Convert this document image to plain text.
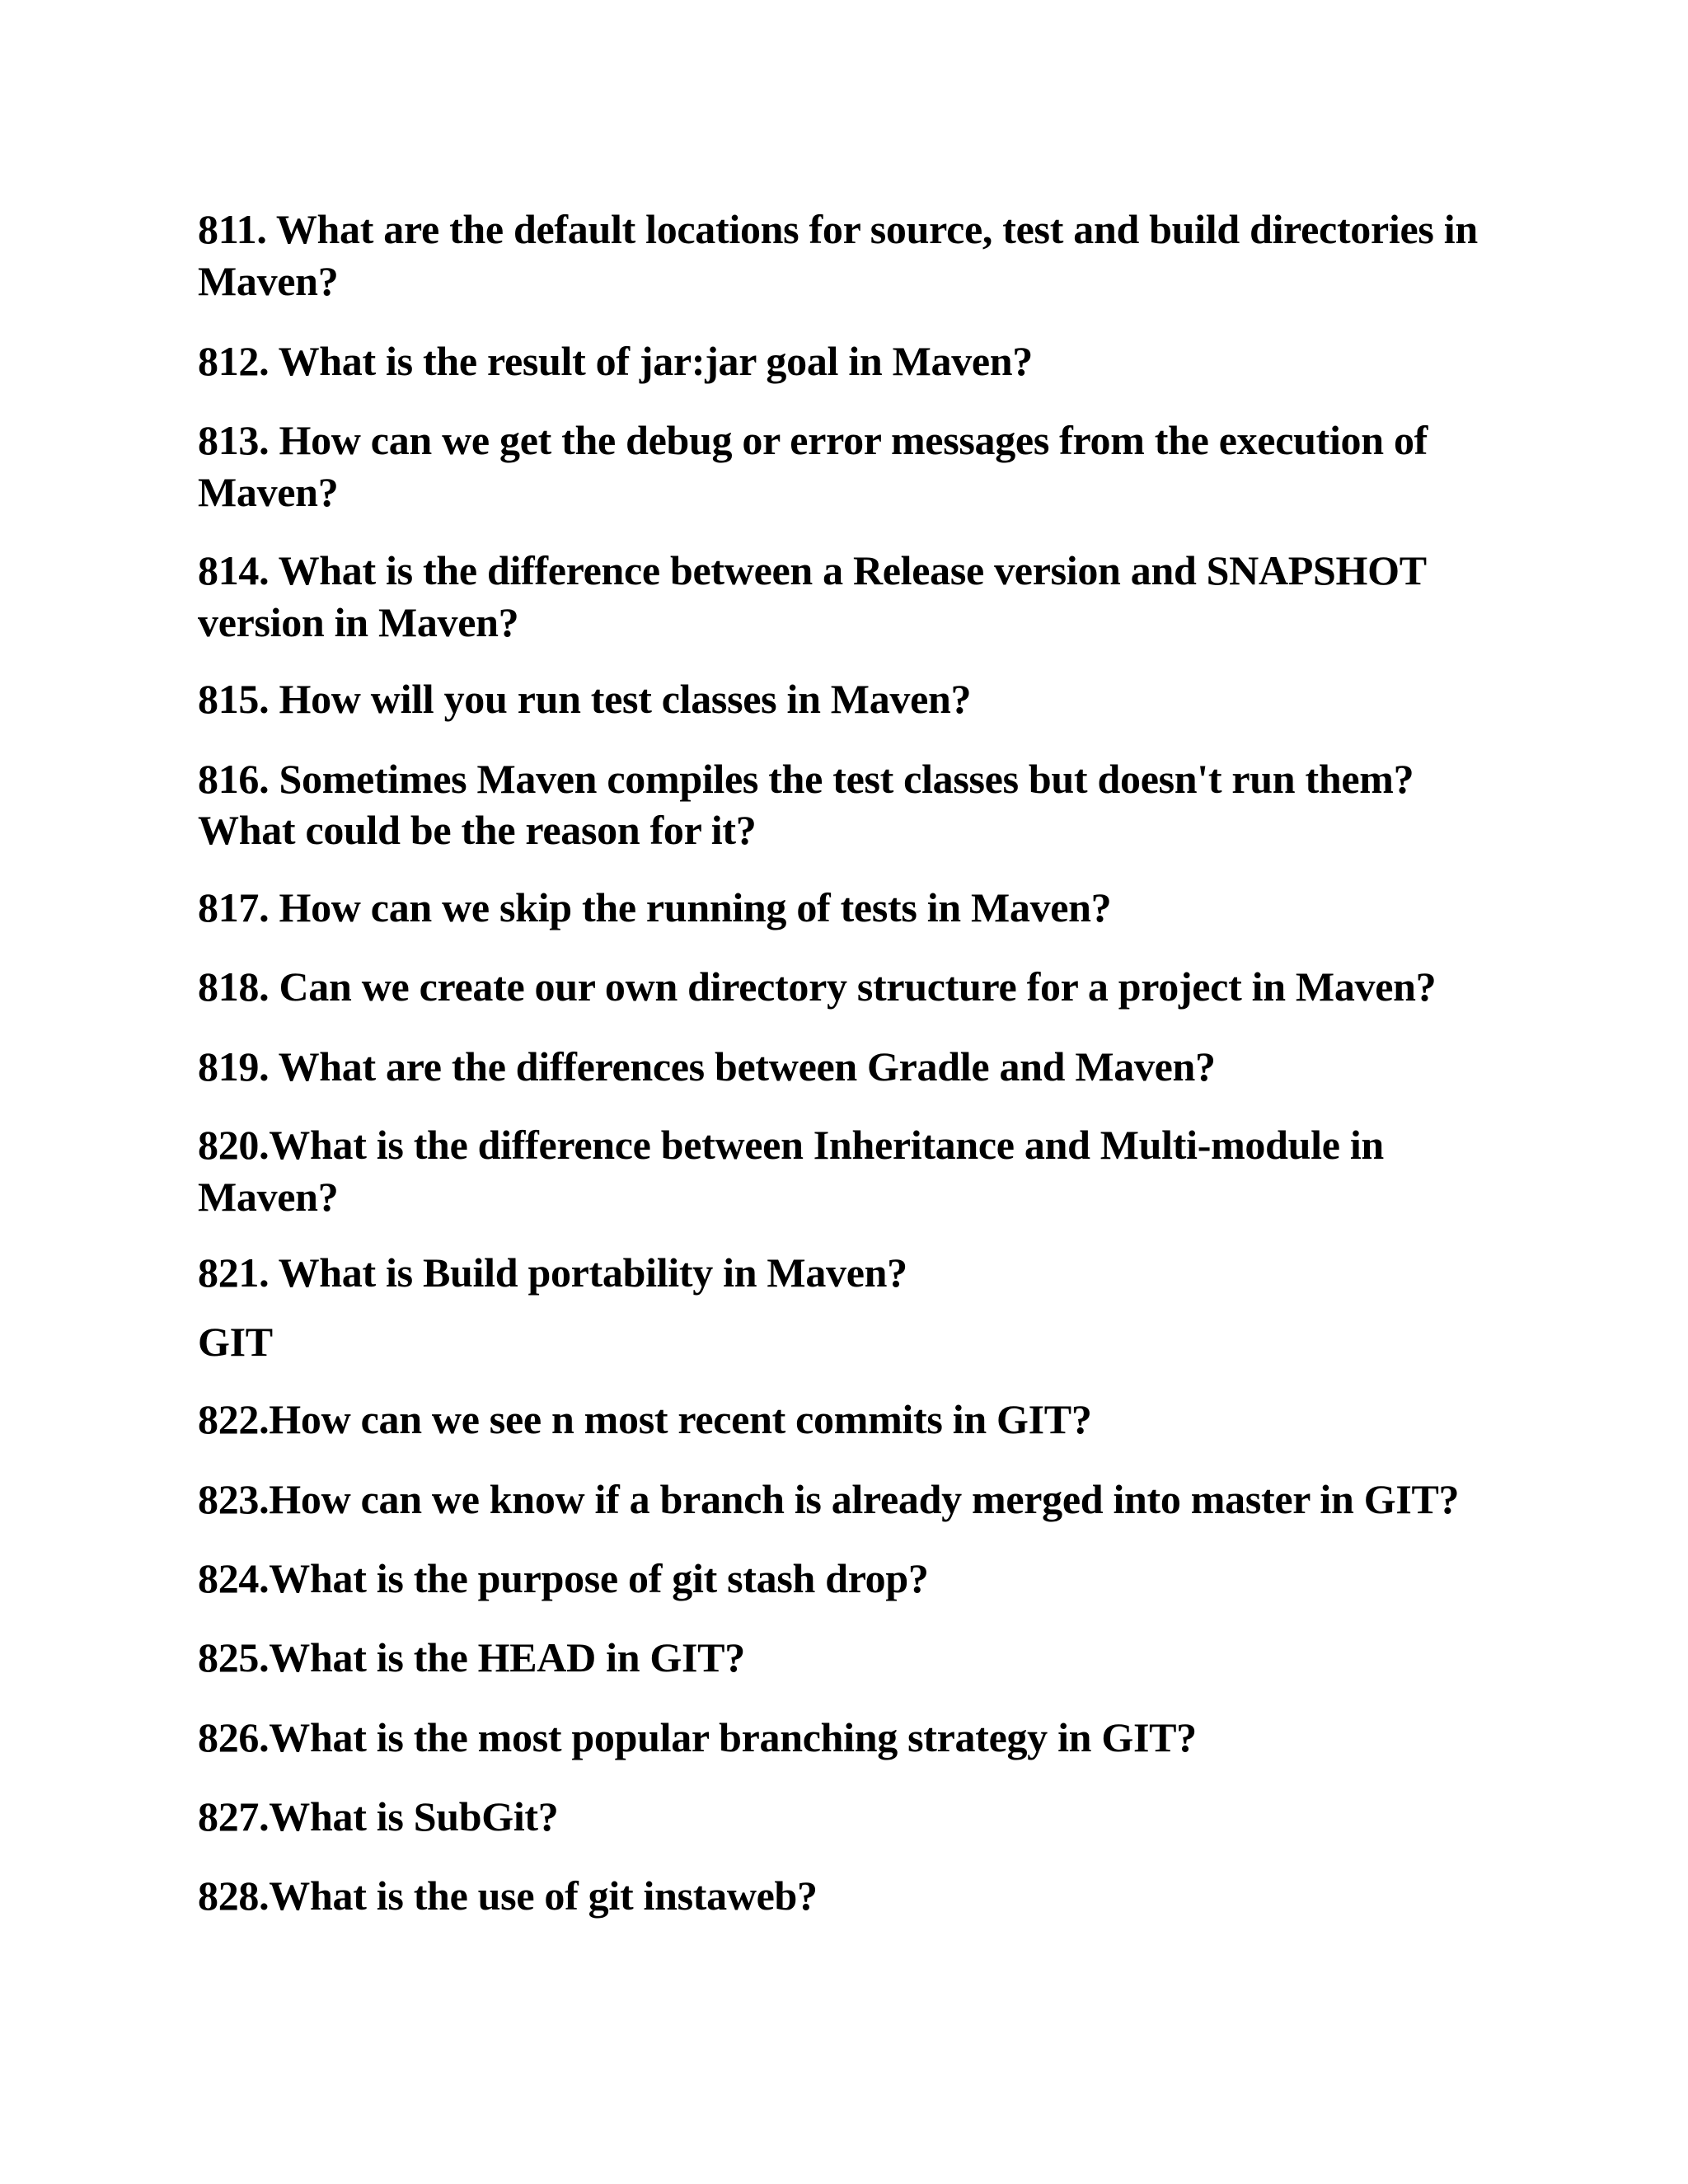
811. What are the default locations for source, test and build directories in
Maven?
812. What is the result of jar:jar goal in Maven?
813. How can we get the debug or error messages from the execution of
Maven?
814. What is the difference between a Release version and SNAPSHOT
version in Maven?
815. How will you run test classes in Maven?
816. Sometimes Maven compiles the test classes but doesn't run them?
What could be the reason for it?
817. How can we skip the running of tests in Maven?
818. Can we create our own directory structure for a project in Maven?
819. What are the differences between Gradle and Maven?
820.What is the difference between Inheritance and Multi-module in
Maven?
821. What is Build portability in Maven?
GIT
822.How can we see n most recent commits in GIT?
823.How can we know if a branch is already merged into master in GIT?
824.What is the purpose of git stash drop?
825.What is the HEAD in GIT?
826.What is the most popular branching strategy in GIT?
827.What is SubGit?
828.What is the use of git instaweb?
